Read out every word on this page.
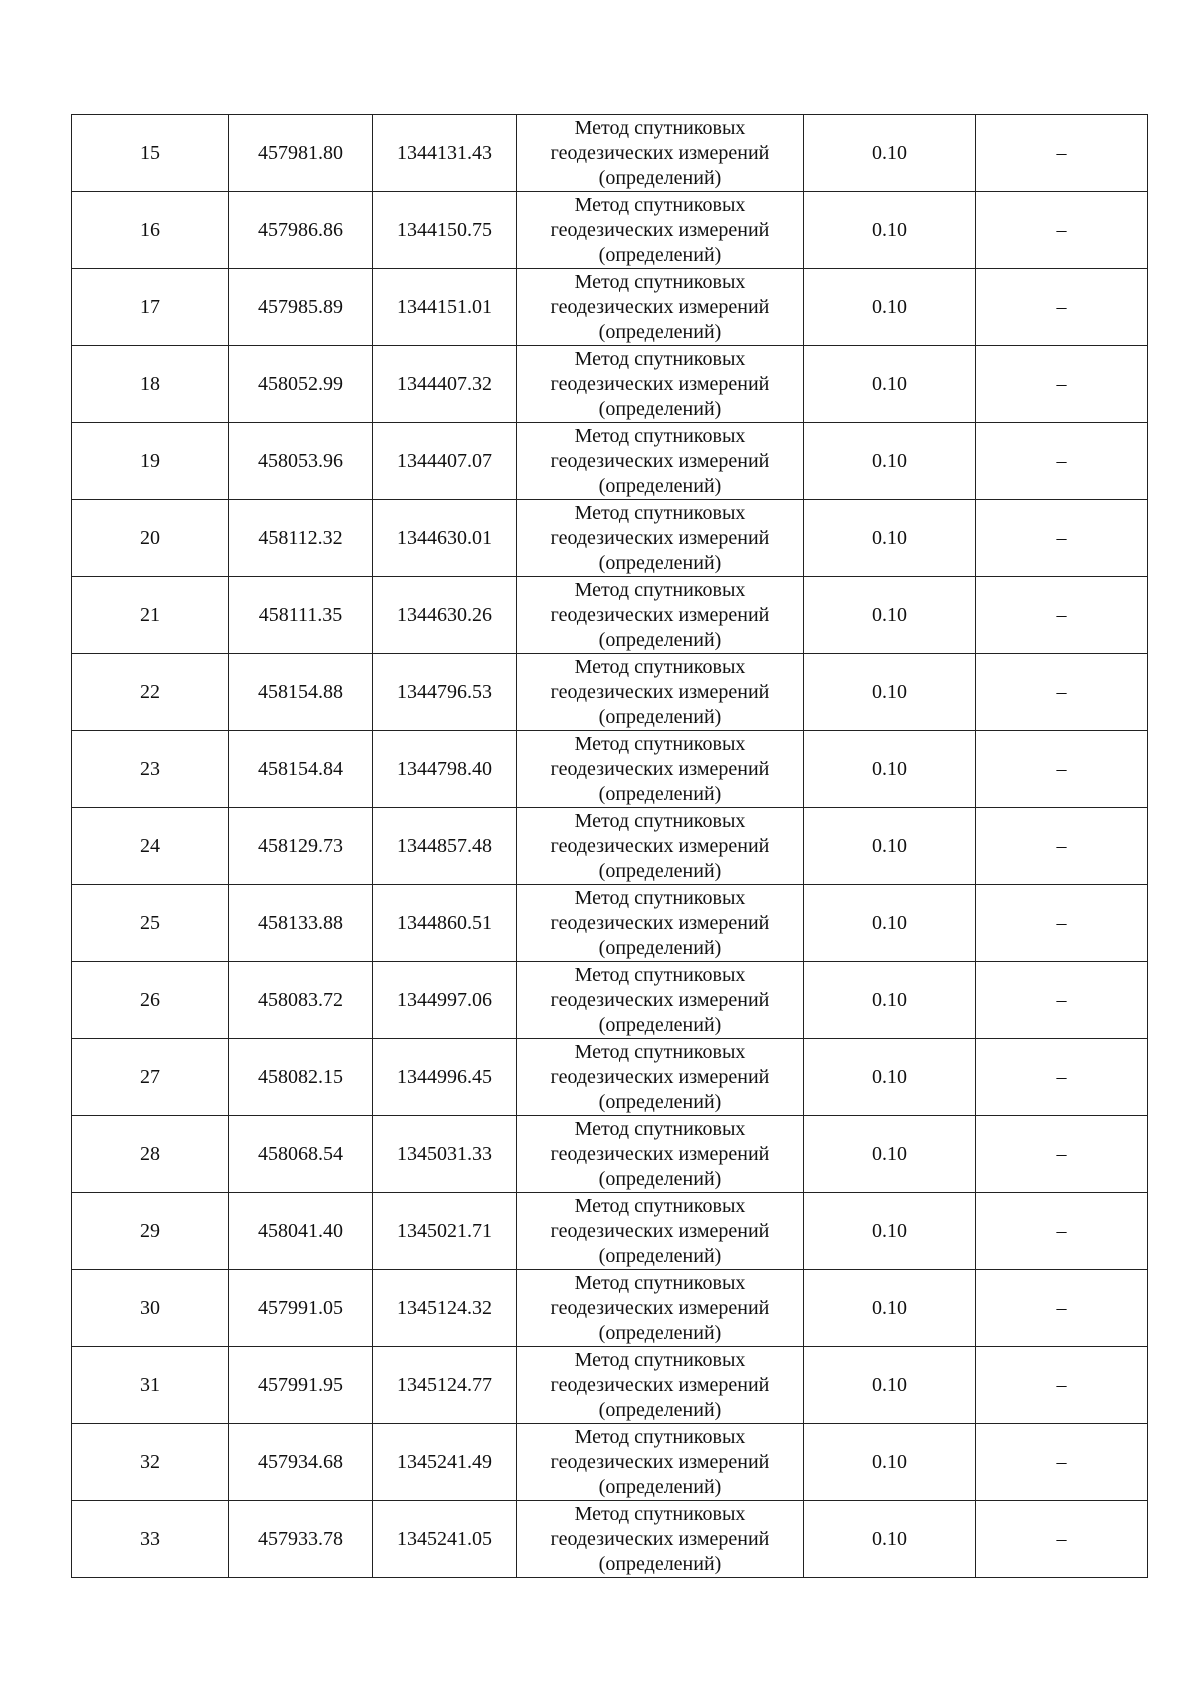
15	457981.80	1344131.43	Метод спутниковых
геодезических измерений
(определений)	0.10	–
16	457986.86	1344150.75	Метод спутниковых
геодезических измерений
(определений)	0.10	–
17	457985.89	1344151.01	Метод спутниковых
геодезических измерений
(определений)	0.10	–
18	458052.99	1344407.32	Метод спутниковых
геодезических измерений
(определений)	0.10	–
19	458053.96	1344407.07	Метод спутниковых
геодезических измерений
(определений)	0.10	–
20	458112.32	1344630.01	Метод спутниковых
геодезических измерений
(определений)	0.10	–
21	458111.35	1344630.26	Метод спутниковых
геодезических измерений
(определений)	0.10	–
22	458154.88	1344796.53	Метод спутниковых
геодезических измерений
(определений)	0.10	–
23	458154.84	1344798.40	Метод спутниковых
геодезических измерений
(определений)	0.10	–
24	458129.73	1344857.48	Метод спутниковых
геодезических измерений
(определений)	0.10	–
25	458133.88	1344860.51	Метод спутниковых
геодезических измерений
(определений)	0.10	–
26	458083.72	1344997.06	Метод спутниковых
геодезических измерений
(определений)	0.10	–
27	458082.15	1344996.45	Метод спутниковых
геодезических измерений
(определений)	0.10	–
28	458068.54	1345031.33	Метод спутниковых
геодезических измерений
(определений)	0.10	–
29	458041.40	1345021.71	Метод спутниковых
геодезических измерений
(определений)	0.10	–
30	457991.05	1345124.32	Метод спутниковых
геодезических измерений
(определений)	0.10	–
31	457991.95	1345124.77	Метод спутниковых
геодезических измерений
(определений)	0.10	–
32	457934.68	1345241.49	Метод спутниковых
геодезических измерений
(определений)	0.10	–
33	457933.78	1345241.05	Метод спутниковых
геодезических измерений
(определений)	0.10	–
